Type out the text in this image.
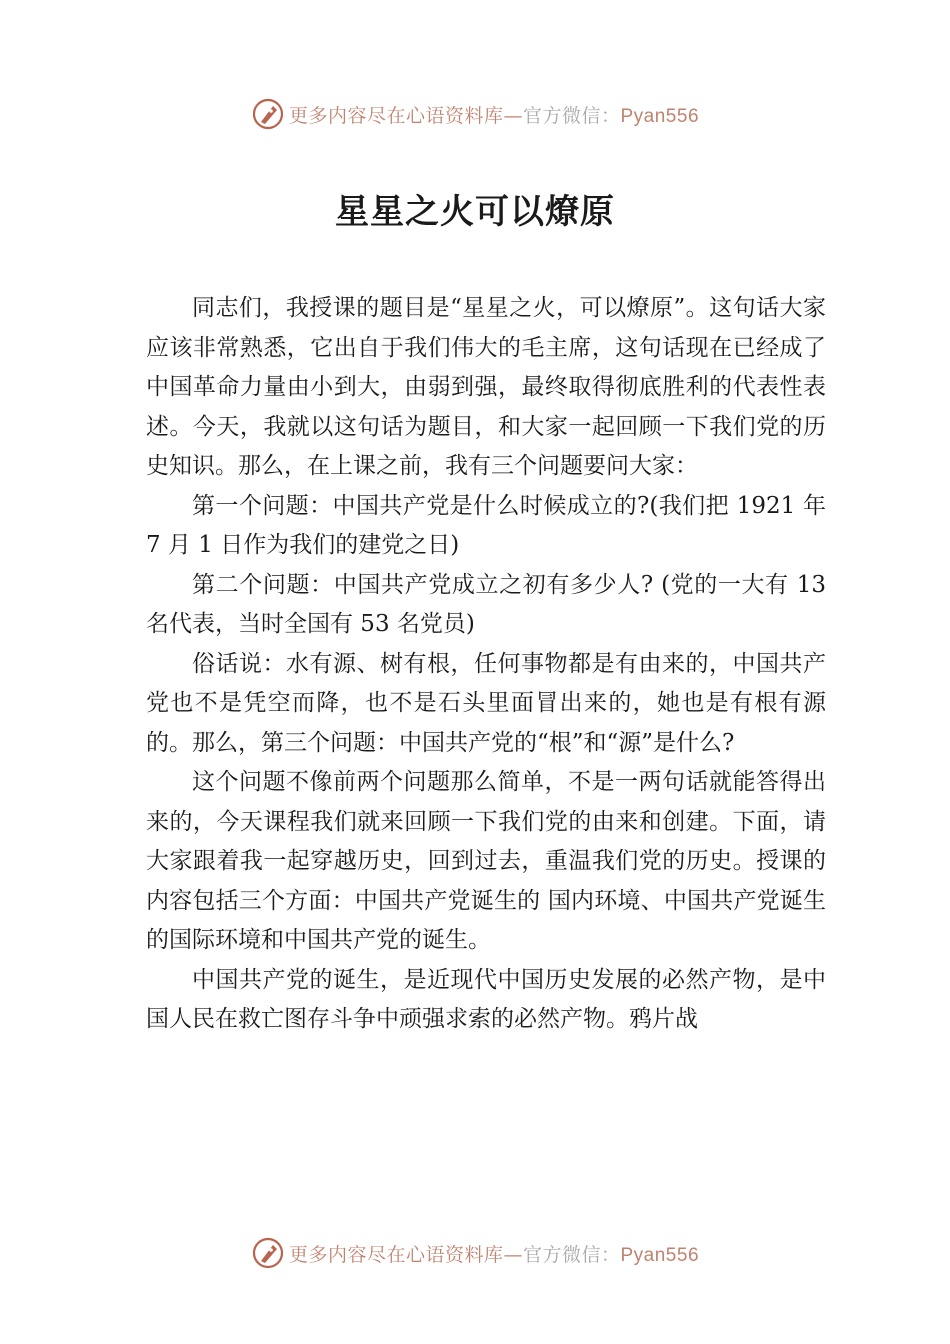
更多内容尽在心语资料库—官方微信：Pyan556
星星之火可以燎原

同志们，我授课的题目是“星星之火，可以燎原”。这句话大家应该非常熟悉，它出自于我们伟大的毛主席，这句话现在已经成了中国革命力量由小到大，由弱到强，最终取得彻底胜利的代表性表述。今天，我就以这句话为题目，和大家一起回顾一下我们党的历史知识。那么，在上课之前，我有三个问题要问大家：

第一个问题：中国共产党是什么时候成立的?(我们把 1921 年 7 月 1 日作为我们的建党之日)

第二个问题：中国共产党成立之初有多少人? (党的一大有 13 名代表，当时全国有 53 名党员)

俗话说：水有源、树有根，任何事物都是有由来的，中国共产党也不是凭空而降，也不是石头里面冒出来的，她也是有根有源的。那么，第三个问题：中国共产党的“根”和“源”是什么?

这个问题不像前两个问题那么简单，不是一两句话就能答得出来的，今天课程我们就来回顾一下我们党的由来和创建。下面，请大家跟着我一起穿越历史，回到过去，重温我们党的历史。授课的内容包括三个方面：中国共产党诞生的 国内环境、中国共产党诞生的国际环境和中国共产党的诞生。

中国共产党的诞生，是近现代中国历史发展的必然产物，是中国人民在救亡图存斗争中顽强求索的必然产物。鸦片战

更多内容尽在心语资料库—官方微信：Pyan556
